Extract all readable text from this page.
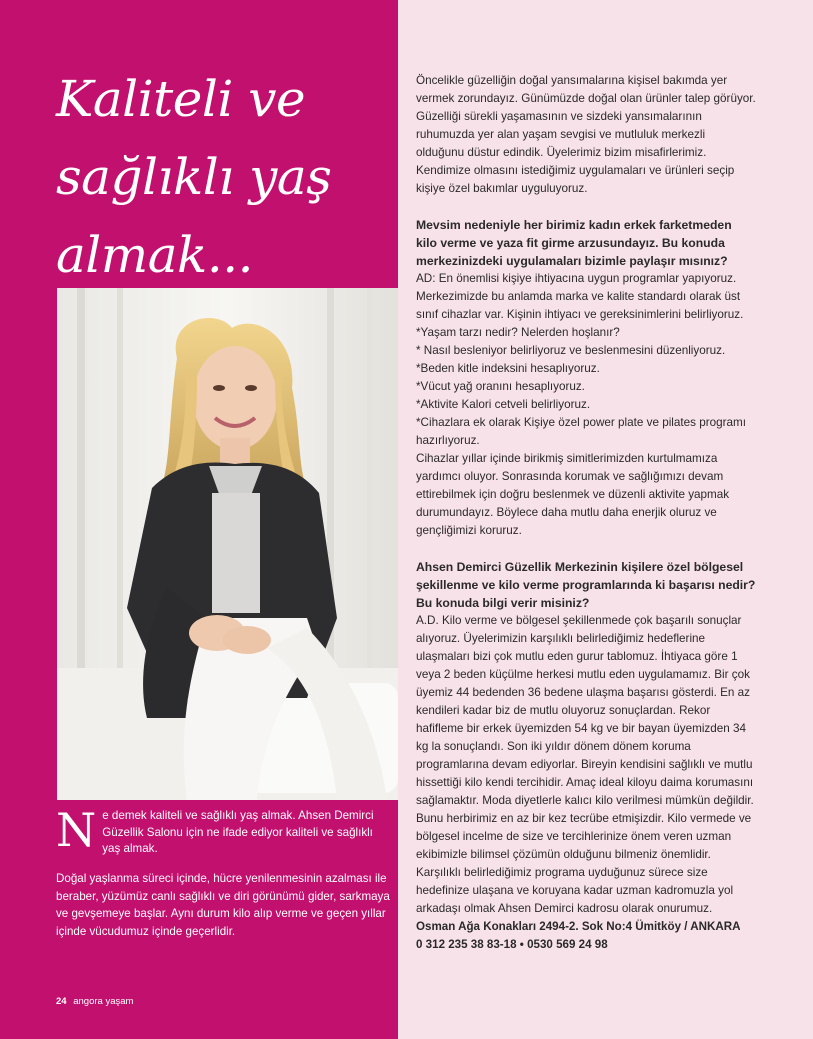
Kaliteli ve sağlıklı yaş almak...
N e demek kaliteli ve sağlıklı yaş almak. Ahsen Demirci Güzellik Salonu için ne ifade ediyor kaliteli ve sağlıklı yaş almak.

Doğal yaşlanma süreci içinde, hücre yenilenmesinin azalması ile beraber, yüzümüz canlı sağlıklı ve diri görünümü gider, sarkmaya ve gevşemeye başlar. Aynı durum kilo alıp verme ve geçen yıllar içinde vücudumuz içinde geçerlidir.

24 angora yaşam

Öncelikle güzelliğin doğal yansımalarına kişisel bakımda yer vermek zorundayız. Günümüzde doğal olan ürünler talep görüyor. Güzelliği sürekli yaşamasının ve sizdeki yansımalarının ruhumuzda yer alan yaşam sevgisi ve mutluluk merkezli olduğunu düstur edindik. Üyelerimiz bizim misafirlerimiz. Kendimize olmasını istediğimiz uygulamaları ve ürünleri seçip kişiye özel bakımlar uyguluyoruz.

Mevsim nedeniyle her birimiz kadın erkek farketmeden kilo verme ve yaza fit girme arzusundayız. Bu konuda merkezinizdeki uygulamaları bizimle paylaşır mısınız?

AD: En önemlisi kişiye ihtiyacına uygun programlar yapıyoruz. Merkezimizde bu anlamda marka ve kalite standardı olarak üst sınıf cihazlar var. Kişinin ihtiyacı ve gereksinimlerini belirliyoruz.

*Yaşam tarzı nedir? Nelerden hoşlanır?

* Nasıl besleniyor belirliyoruz ve beslenmesini düzenliyoruz.

*Beden kitle indeksini hesaplıyoruz.

*Vücut yağ oranını hesaplıyoruz.

*Aktivite Kalori cetveli belirliyoruz.

*Cihazlara ek olarak Kişiye özel power plate ve pilates programı hazırlıyoruz.

Cihazlar yıllar içinde birikmiş simitlerimizden kurtulmamıza yardımcı oluyor. Sonrasında korumak ve sağlığımızı devam ettirebilmek için doğru beslenmek ve düzenli aktivite yapmak durumundayız. Böylece daha mutlu daha enerjik oluruz ve gençliğimizi koruruz.

Ahsen Demirci Güzellik Merkezinin kişilere özel bölgesel şekillenme ve kilo verme programlarında ki başarısı nedir? Bu konuda bilgi verir misiniz?

A.D. Kilo verme ve bölgesel şekillenmede çok başarılı sonuçlar alıyoruz. Üyelerimizin karşılıklı belirlediğimiz hedeflerine ulaşmaları bizi çok mutlu eden gurur tablomuz. İhtiyaca göre 1 veya 2 beden küçülme herkesi mutlu eden uygulamamız. Bir çok üyemiz 44 bedenden 36 bedene ulaşma başarısı gösterdi. En az kendileri kadar biz de mutlu oluyoruz sonuçlardan. Rekor hafifleme bir erkek üyemizden 54 kg ve bir bayan üyemizden 34 kg la sonuçlandı. Son iki yıldır dönem dönem koruma programlarına devam ediyorlar. Bireyin kendisini sağlıklı ve mutlu hissettiği kilo kendi tercihidir. Amaç ideal kiloyu daima korumasını sağlamaktır. Moda diyetlerle kalıcı kilo verilmesi mümkün değildir. Bunu herbirimiz en az bir kez tecrübe etmişizdir. Kilo vermede ve bölgesel incelme de size ve tercihlerinize önem veren uzman ekibimizle bilimsel çözümün olduğunu bilmeniz önemlidir. Karşılıklı belirlediğimiz programa uyduğunuz sürece size hedefinize ulaşana ve koruyana kadar uzman kadromuzla yol arkadaşı olmak Ahsen Demirci kadrosu olarak onurumuz.

Osman Ağa Konakları 2494-2. Sok No:4 Ümitköy / ANKARA

0 312 235 38 83-18 • 0530 569 24 98
